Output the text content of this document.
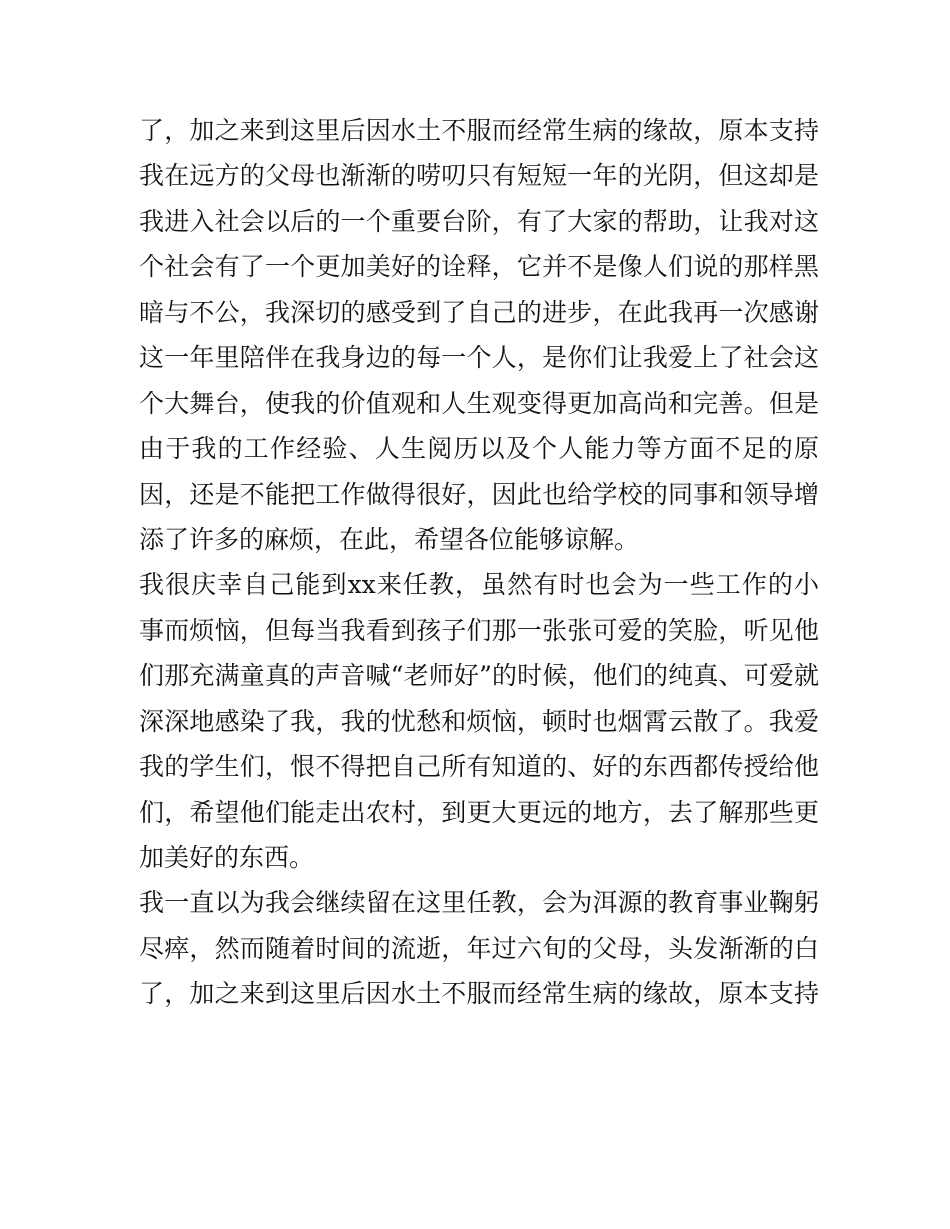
了，加之来到这里后因水土不服而经常生病的缘故，原本支持
我在远方的父母也渐渐的唠叨只有短短一年的光阴，但这却是
我进入社会以后的一个重要台阶，有了大家的帮助，让我对这
个社会有了一个更加美好的诠释，它并不是像人们说的那样黑
暗与不公，我深切的感受到了自己的进步，在此我再一次感谢
这一年里陪伴在我身边的每一个人，是你们让我爱上了社会这
个大舞台，使我的价值观和人生观变得更加高尚和完善。但是
由于我的工作经验、人生阅历以及个人能力等方面不足的原
因，还是不能把工作做得很好，因此也给学校的同事和领导增
添了许多的麻烦，在此，希望各位能够谅解。
我很庆幸自己能到xx来任教，虽然有时也会为一些工作的小
事而烦恼，但每当我看到孩子们那一张张可爱的笑脸，听见他
们那充满童真的声音喊“老师好”的时候，他们的纯真、可爱就
深深地感染了我，我的忧愁和烦恼，顿时也烟霄云散了。我爱
我的学生们，恨不得把自己所有知道的、好的东西都传授给他
们，希望他们能走出农村，到更大更远的地方，去了解那些更
加美好的东西。
我一直以为我会继续留在这里任教，会为洱源的教育事业鞠躬
尽瘁，然而随着时间的流逝，年过六旬的父母，头发渐渐的白
了，加之来到这里后因水土不服而经常生病的缘故，原本支持
